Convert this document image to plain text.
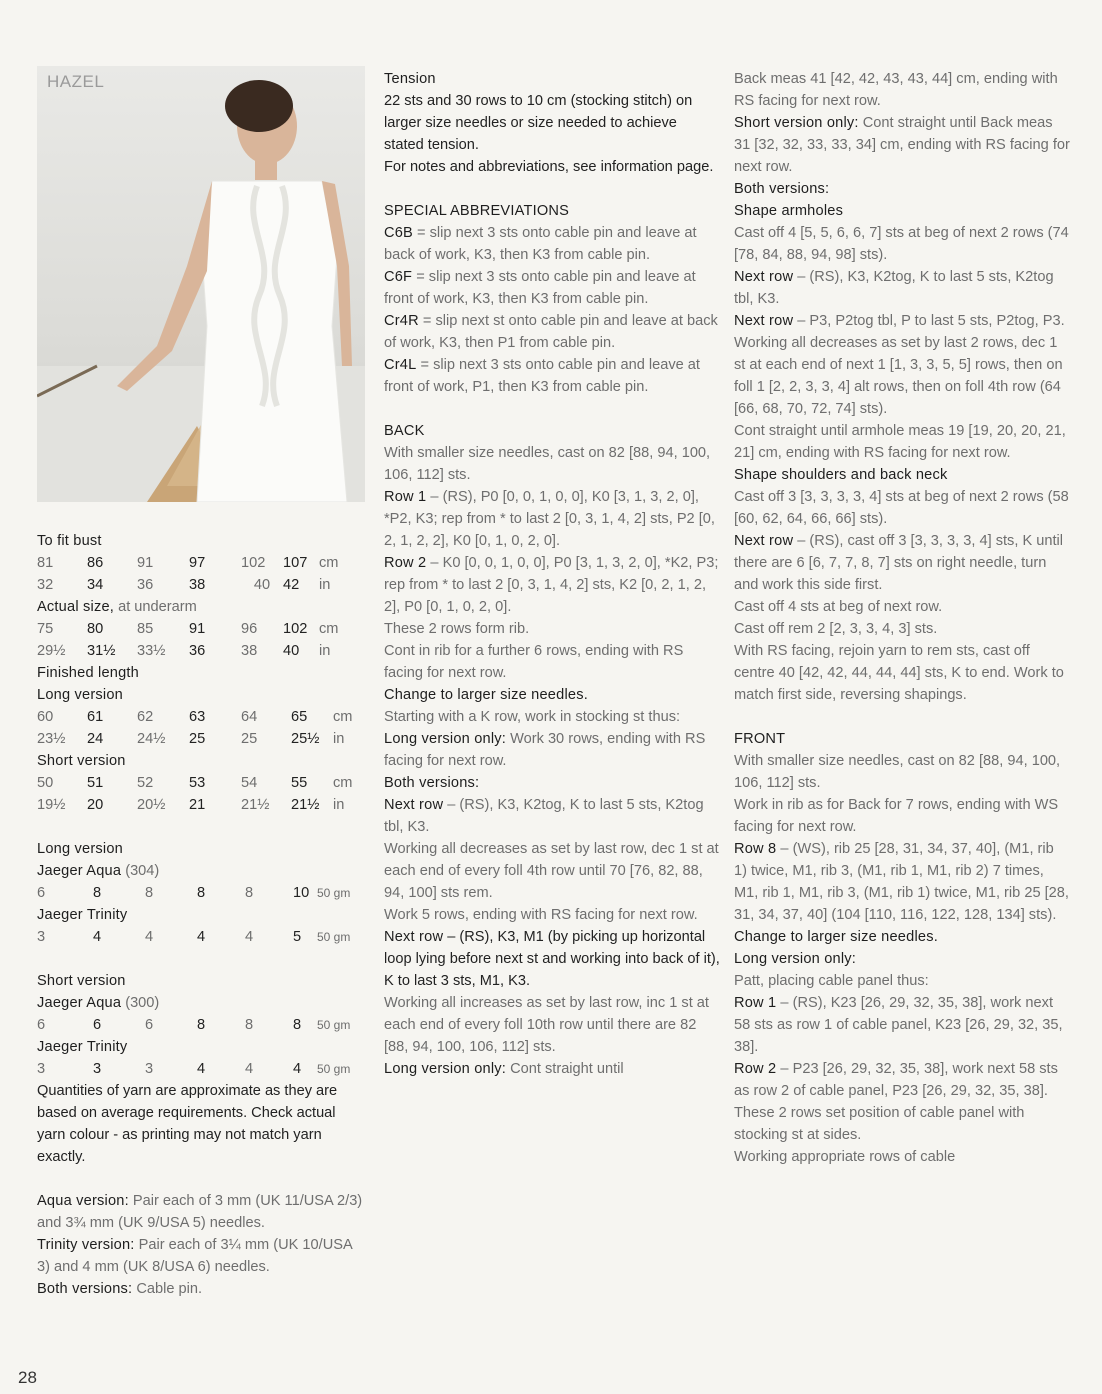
HAZEL

To fit bust

81	86	91	97	102	107	cm
32	34	36	38	40	42	in

Actual size, at underarm

75	80	85	91	96	102	cm
29½	31½	33½	36	38	40	in

Finished length

Long version

60	61	62	63	64	65	cm
23½	24	24½	25	25	25½	in

Short version

50	51	52	53	54	55	cm
19½	20	20½	21	21½	21½	in

Long version

Jaeger Aqua (304)

6	8	8	8	8	10	50 gm

Jaeger Trinity

3	4	4	4	4	5	50 gm

Short version

Jaeger Aqua (300)

6	6	6	8	8	8	50 gm

Jaeger Trinity

3	3	3	4	4	4	50 gm

Quantities of yarn are approximate as they are based on average requirements. Check actual yarn colour - as printing may not match yarn exactly.

Aqua version: Pair each of 3 mm (UK 11/USA 2/3) and 3¾ mm (UK 9/USA 5) needles.

Trinity version: Pair each of 3¼ mm (UK 10/USA 3) and 4 mm (UK 8/USA 6) needles.

Both versions: Cable pin.

Tension

22 sts and 30 rows to 10 cm (stocking stitch) on larger size needles or size needed to achieve stated tension.

For notes and abbreviations, see information page.

SPECIAL ABBREVIATIONS

C6B = slip next 3 sts onto cable pin and leave at back of work, K3, then K3 from cable pin.

C6F = slip next 3 sts onto cable pin and leave at front of work, K3, then K3 from cable pin.

Cr4R = slip next st onto cable pin and leave at back of work, K3, then P1 from cable pin.

Cr4L = slip next 3 sts onto cable pin and leave at front of work, P1, then K3 from cable pin.

BACK

With smaller size needles, cast on 82 [88, 94, 100, 106, 112] sts.

Row 1 – (RS), P0 [0, 0, 1, 0, 0], K0 [3, 1, 3, 2, 0], *P2, K3; rep from * to last 2 [0, 3, 1, 4, 2] sts, P2 [0, 2, 1, 2, 2], K0 [0, 1, 0, 2, 0].

Row 2 – K0 [0, 0, 1, 0, 0], P0 [3, 1, 3, 2, 0], *K2, P3; rep from * to last 2 [0, 3, 1, 4, 2] sts, K2 [0, 2, 1, 2, 2], P0 [0, 1, 0, 2, 0].

These 2 rows form rib.

Cont in rib for a further 6 rows, ending with RS facing for next row.

Change to larger size needles.

Starting with a K row, work in stocking st thus:

Long version only: Work 30 rows, ending with RS facing for next row.

Both versions:

Next row – (RS), K3, K2tog, K to last 5 sts, K2tog tbl, K3.

Working all decreases as set by last row, dec 1 st at each end of every foll 4th row until 70 [76, 82, 88, 94, 100] sts rem.

Work 5 rows, ending with RS facing for next row.

Next row – (RS), K3, M1 (by picking up horizontal loop lying before next st and working into back of it), K to last 3 sts, M1, K3.

Working all increases as set by last row, inc 1 st at each end of every foll 10th row until there are 82 [88, 94, 100, 106, 112] sts.

Long version only: Cont straight until

Back meas 41 [42, 42, 43, 43, 44] cm, ending with RS facing for next row.

Short version only: Cont straight until Back meas 31 [32, 32, 33, 33, 34] cm, ending with RS facing for next row.

Both versions:

Shape armholes

Cast off 4 [5, 5, 6, 6, 7] sts at beg of next 2 rows (74 [78, 84, 88, 94, 98] sts).

Next row – (RS), K3, K2tog, K to last 5 sts, K2tog tbl, K3.

Next row – P3, P2tog tbl, P to last 5 sts, P2tog, P3.

Working all decreases as set by last 2 rows, dec 1 st at each end of next 1 [1, 3, 3, 5, 5] rows, then on foll 1 [2, 2, 3, 3, 4] alt rows, then on foll 4th row (64 [66, 68, 70, 72, 74] sts).

Cont straight until armhole meas 19 [19, 20, 20, 21, 21] cm, ending with RS facing for next row.

Shape shoulders and back neck

Cast off 3 [3, 3, 3, 3, 4] sts at beg of next 2 rows (58 [60, 62, 64, 66, 66] sts).

Next row – (RS), cast off 3 [3, 3, 3, 3, 4] sts, K until there are 6 [6, 7, 7, 8, 7] sts on right needle, turn and work this side first.

Cast off 4 sts at beg of next row.

Cast off rem 2 [2, 3, 3, 4, 3] sts.

With RS facing, rejoin yarn to rem sts, cast off centre 40 [42, 42, 44, 44, 44] sts, K to end. Work to match first side, reversing shapings.

FRONT

With smaller size needles, cast on 82 [88, 94, 100, 106, 112] sts.

Work in rib as for Back for 7 rows, ending with WS facing for next row.

Row 8 – (WS), rib 25 [28, 31, 34, 37, 40], (M1, rib 1) twice, M1, rib 3, (M1, rib 1, M1, rib 2) 7 times, M1, rib 1, M1, rib 3, (M1, rib 1) twice, M1, rib 25 [28, 31, 34, 37, 40] (104 [110, 116, 122, 128, 134] sts).

Change to larger size needles.

Long version only:

Patt, placing cable panel thus:

Row 1 – (RS), K23 [26, 29, 32, 35, 38], work next 58 sts as row 1 of cable panel, K23 [26, 29, 32, 35, 38].

Row 2 – P23 [26, 29, 32, 35, 38], work next 58 sts as row 2 of cable panel, P23 [26, 29, 32, 35, 38].

These 2 rows set position of cable panel with stocking st at sides.

Working appropriate rows of cable

28
